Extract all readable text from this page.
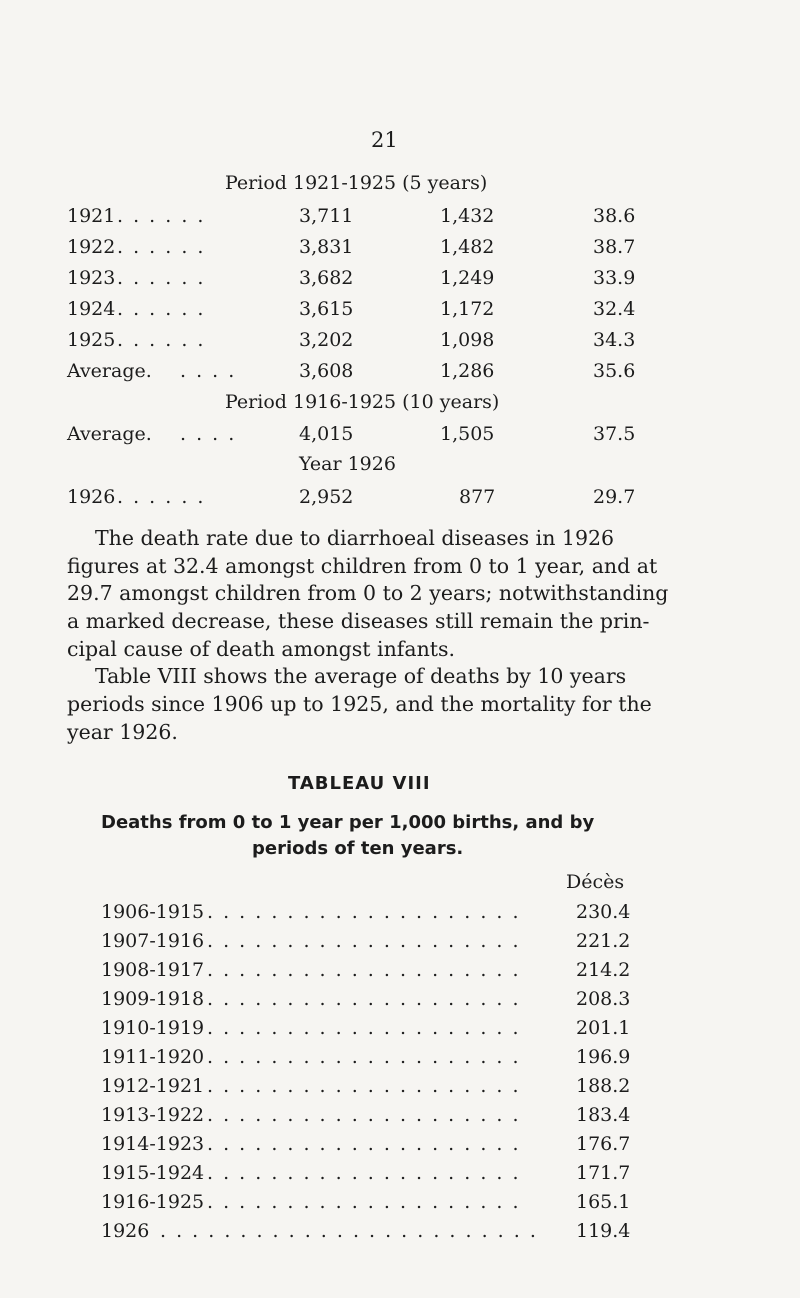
21
Period 1921-1925 (5 years)
1921 . . . . . .	3,711	1,432	38.6
1922 . . . . . .	3,831	1,482	38.7
1923 . . . . . .	3,682	1,249	33.9
1924 . . . . . .	3,615	1,172	32.4
1925 . . . . . .	3,202	1,098	34.3
Average. . . . .	3,608	1,286	35.6
Period 1916-1925 (10 years)
Average. . . . .	4,015	1,505	37.5
Year 1926
1926 . . . . . .	2,952	877	29.7
The death rate due to diarrhoeal diseases in 1926
figures at 32.4 amongst children from 0 to 1 year, and at
29.7 amongst children from 0 to 2 years; notwithstanding
a marked decrease, these diseases still remain the prin-
cipal cause of death amongst infants.
Table VIII shows the average of deaths by 10 years
periods since 1906 up to 1925, and the mortality for the
year 1926.
TABLEAU VIII
Deaths from 0 to 1 year per 1,000 births, and by
periods of ten years.
Décès
1906-1915 . . . . . . . . . . . . . . . . . . . .	230.4
1907-1916 . . . . . . . . . . . . . . . . . . . .	221.2
1908-1917 . . . . . . . . . . . . . . . . . . . .	214.2
1909-1918 . . . . . . . . . . . . . . . . . . . .	208.3
1910-1919 . . . . . . . . . . . . . . . . . . . .	201.1
1911-1920 . . . . . . . . . . . . . . . . . . . .	196.9
1912-1921 . . . . . . . . . . . . . . . . . . . .	188.2
1913-1922 . . . . . . . . . . . . . . . . . . . .	183.4
1914-1923 . . . . . . . . . . . . . . . . . . . .	176.7
1915-1924 . . . . . . . . . . . . . . . . . . . .	171.7
1916-1925 . . . . . . . . . . . . . . . . . . . .	165.1
1926 . . . . . . . . . . . . . . . . . . . . . . . . 119.4
